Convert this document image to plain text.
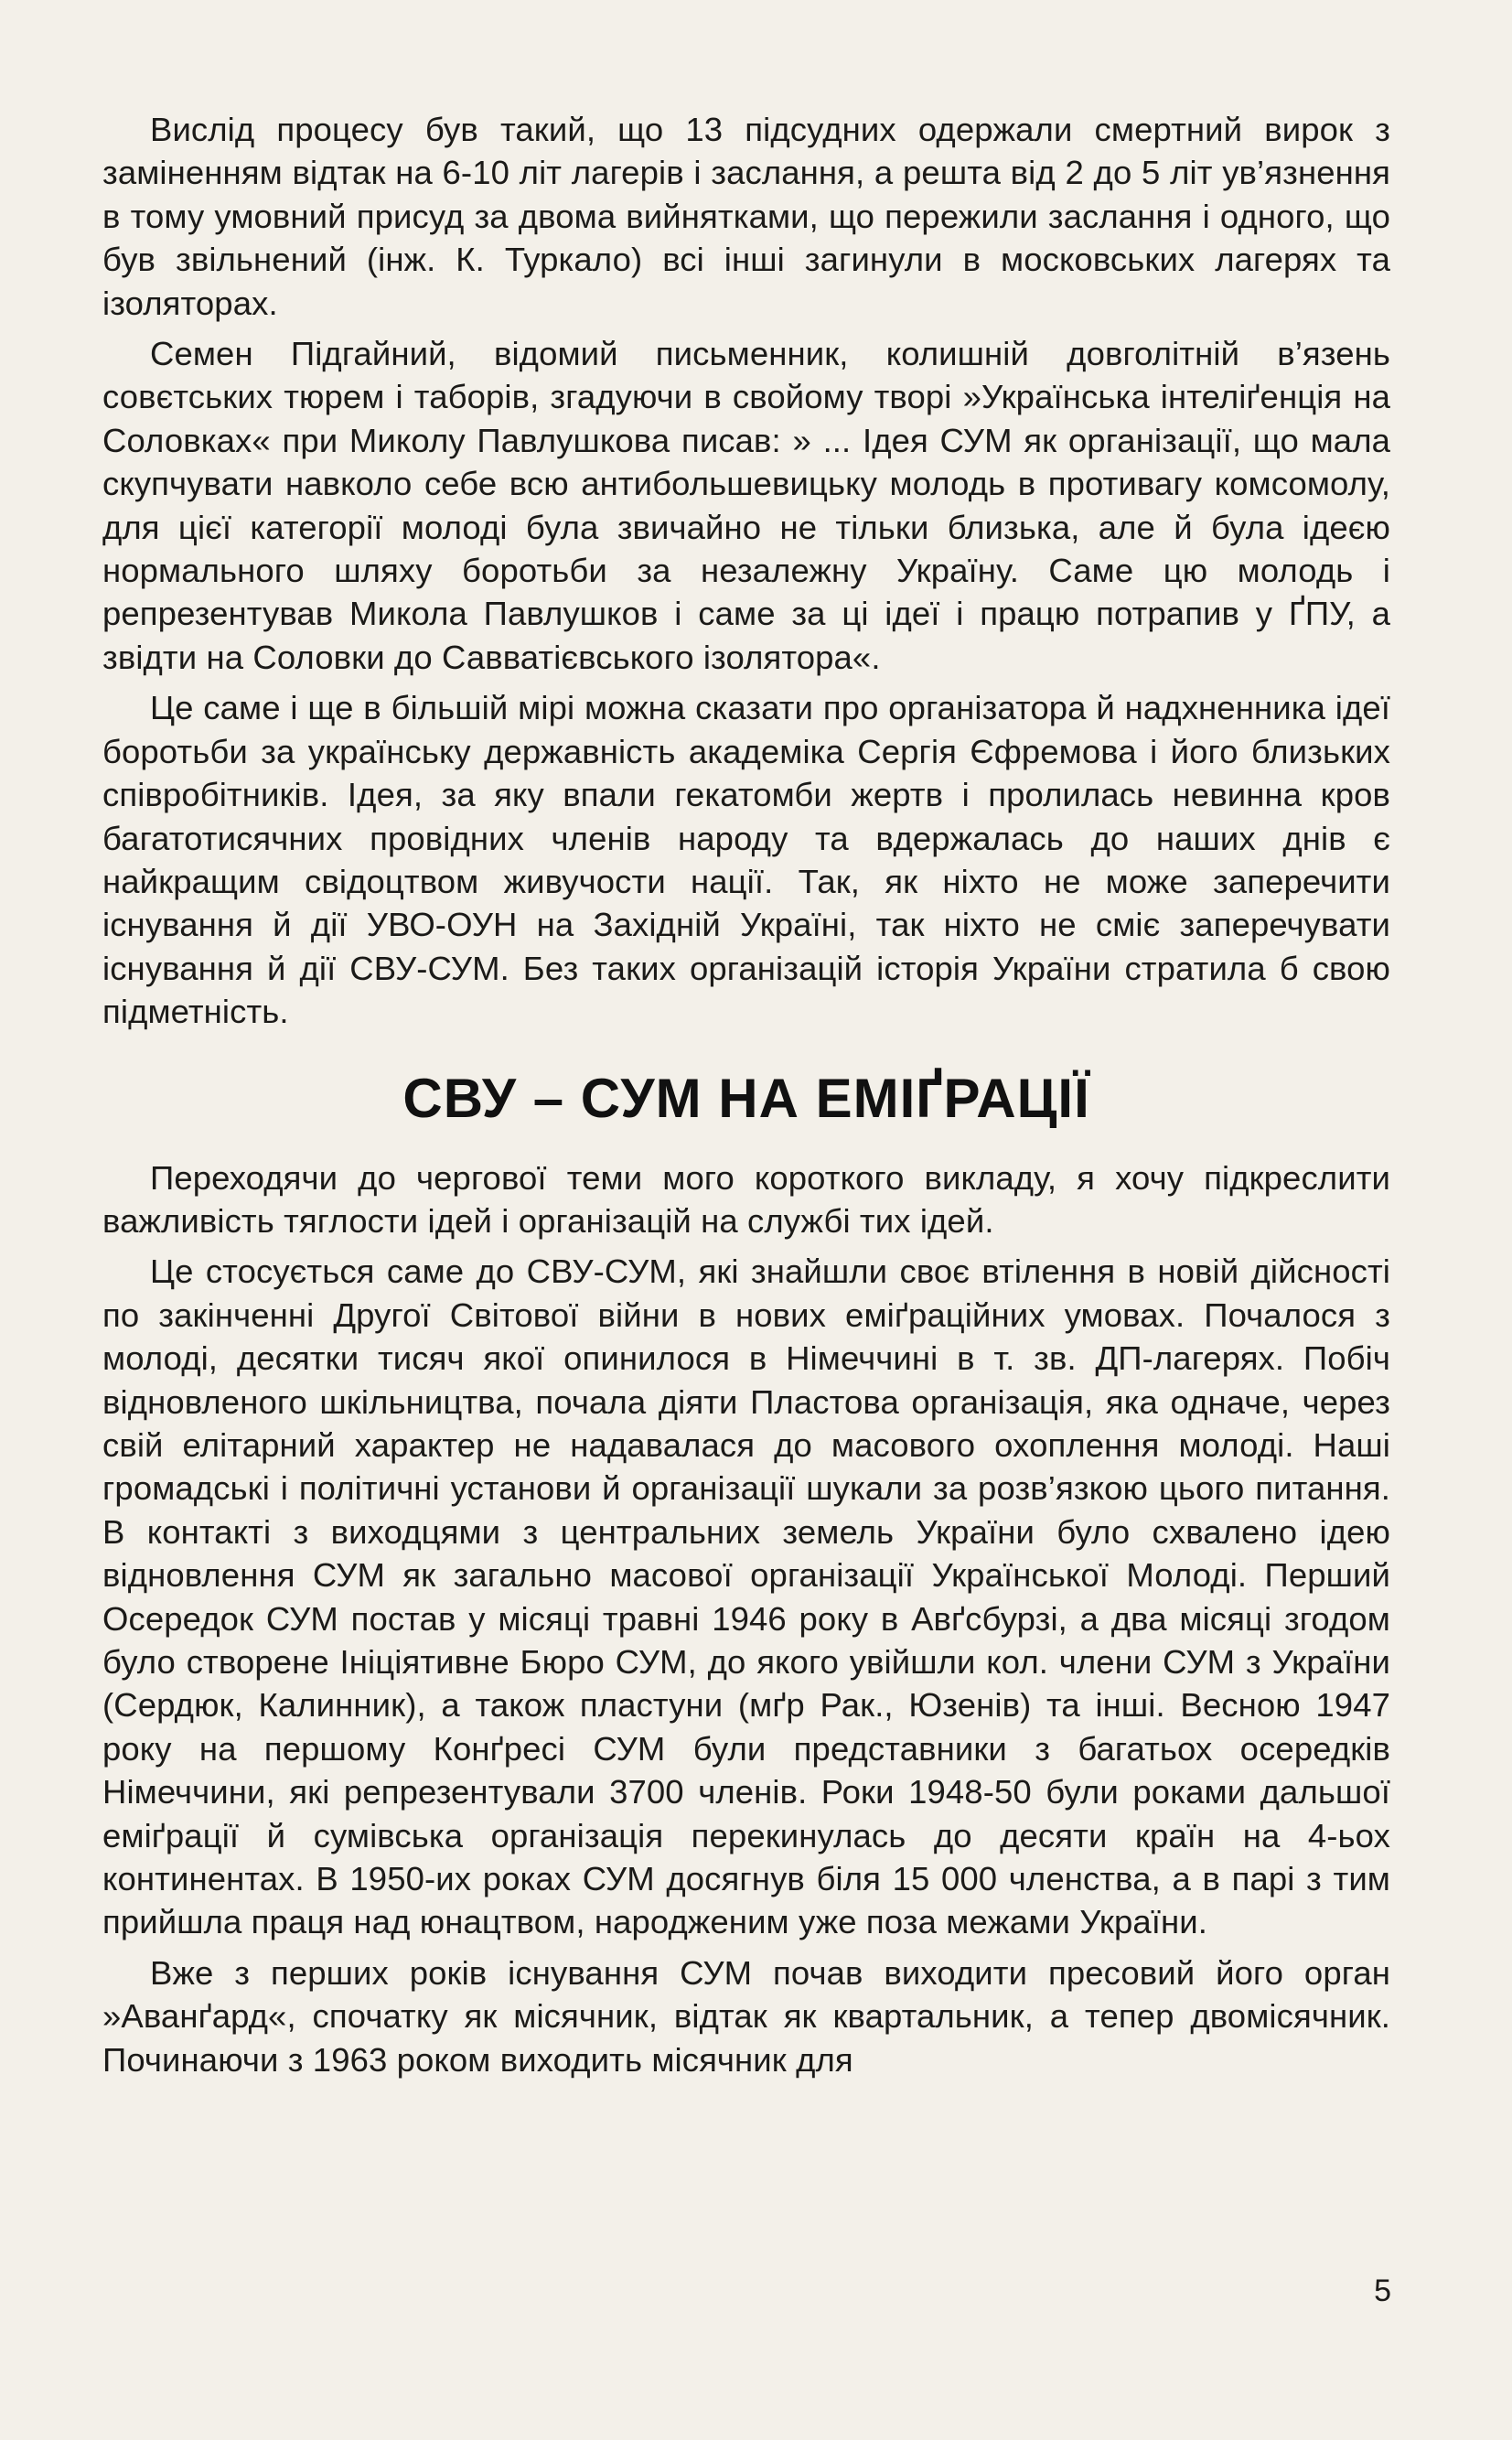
Вислід процесу був такий, що 13 підсудних одержали смертний вирок з заміненням відтак на 6-10 літ лагерів і заслання, а решта від 2 до 5 літ ув’язнення в тому умовний присуд за двома вийнятками, що пережили заслання і одного, що був звільнений (інж. К. Туркало) всі інші загинули в московських лагерях та ізоляторах.

Семен Підгайний, відомий письменник, колишній довголітній в’язень совєтських тюрем і таборів, згадуючи в свойому творі »Українська інтеліґенція на Соловках« при Миколу Павлушкова писав: » ... Ідея СУМ як організації, що мала скупчувати навколо себе всю антибольшевицьку молодь в противагу комсомолу, для цієї категорії молоді була звичайно не тільки близька, але й була ідеєю нормального шляху боротьби за незалежну Україну. Саме цю молодь і репрезентував Микола Павлушков і саме за ці ідеї і працю потрапив у ҐПУ, а звідти на Соловки до Савватієвського ізолятора«.

Це саме і ще в більшій мірі можна сказати про організатора й надхненника ідеї боротьби за українську державність академіка Сергія Єфремова і його близьких співробітників. Ідея, за яку впали гекатомби жертв і пролилась невинна кров багатотисячних провідних членів народу та вдержалась до наших днів є найкращим свідоцтвом живучости нації. Так, як ніхто не може заперечити існування й дії УВО-ОУН на Західній Україні, так ніхто не сміє заперечувати існування й дії СВУ-СУМ. Без таких організацій історія України стратила б свою підметність.

СВУ – СУМ НА ЕМІҐРАЦІЇ

Переходячи до чергової теми мого короткого викладу, я хочу підкреслити важливість тяглости ідей і організацій на службі тих ідей.

Це стосується саме до СВУ-СУМ, які знайшли своє втілення в новій дійсності по закінченні Другої Світової війни в нових еміґраційних умовах. Почалося з молоді, десятки тисяч якої опинилося в Німеччині в т. зв. ДП-лагерях. Побіч відновленого шкільництва, почала діяти Пластова організація, яка одначе, через свій елітарний характер не надавалася до масового охоплення молоді. Наші громадські і політичні установи й організації шукали за розв’язкою цього питання. В контакті з виходцями з центральних земель України було схвалено ідею відновлення СУМ як загально масової організації Української Молоді. Перший Осередок СУМ постав у місяці травні 1946 року в Авґсбурзі, а два місяці згодом було створене Ініціятивне Бюро СУМ, до якого увійшли кол. члени СУМ з України (Сердюк, Калинник), а також пластуни (мґр Рак., Юзенів) та інші. Весною 1947 року на першому Конґресі СУМ були представники з багатьох осередків Німеччини, які репрезентували 3700 членів. Роки 1948-50 були роками дальшої еміґрації й сумівська організація перекинулась до десяти країн на 4-ьох континентах. В 1950-их роках СУМ досягнув біля 15 000 членства, а в парі з тим прийшла праця над юнацтвом, народженим уже поза межами України.

Вже з перших років існування СУМ почав виходити пресовий його орган »Аванґард«, спочатку як місячник, відтак як квартальник, а тепер двомісячник. Починаючи з 1963 роком виходить місячник для

5
